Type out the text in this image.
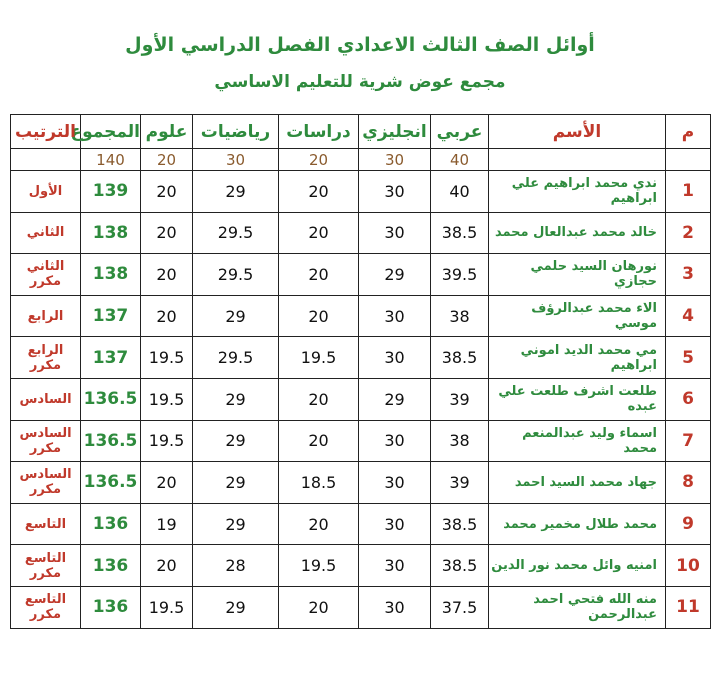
أوائل الصف الثالث الاعدادي الفصل الدراسي الأول
مجمع عوض شرية للتعليم الاساسي
م	الأسم	عربي	انجليزي	دراسات	رياضيات	علوم	المجموع	الترتيب
		40	30	20	30	20	140	
1	ندي محمد ابراهيم علي ابراهيم	40	30	20	29	20	139	الأول
2	خالد محمد عبدالعال محمد	38.5	30	20	29.5	20	138	الثاني
3	نورهان السيد حلمي حجازي	39.5	29	20	29.5	20	138	الثاني مكرر
4	الاء محمد عبدالرؤف موسي	38	30	20	29	20	137	الرابع
5	مي محمد الديد اموني ابراهيم	38.5	30	19.5	29.5	19.5	137	الرابع مكرر
6	طلعت اشرف طلعت علي عبده	39	29	20	29	19.5	136.5	السادس
7	اسماء وليد عبدالمنعم محمد	38	30	20	29	19.5	136.5	السادس مكرر
8	جهاد محمد السيد احمد	39	30	18.5	29	20	136.5	السادس مكرر
9	محمد طلال مخمير محمد	38.5	30	20	29	19	136	التاسع
10	امنيه وائل محمد نور الدين	38.5	30	19.5	28	20	136	التاسع مكرر
11	منه الله فتحي احمد عبدالرحمن	37.5	30	20	29	19.5	136	التاسع مكرر
